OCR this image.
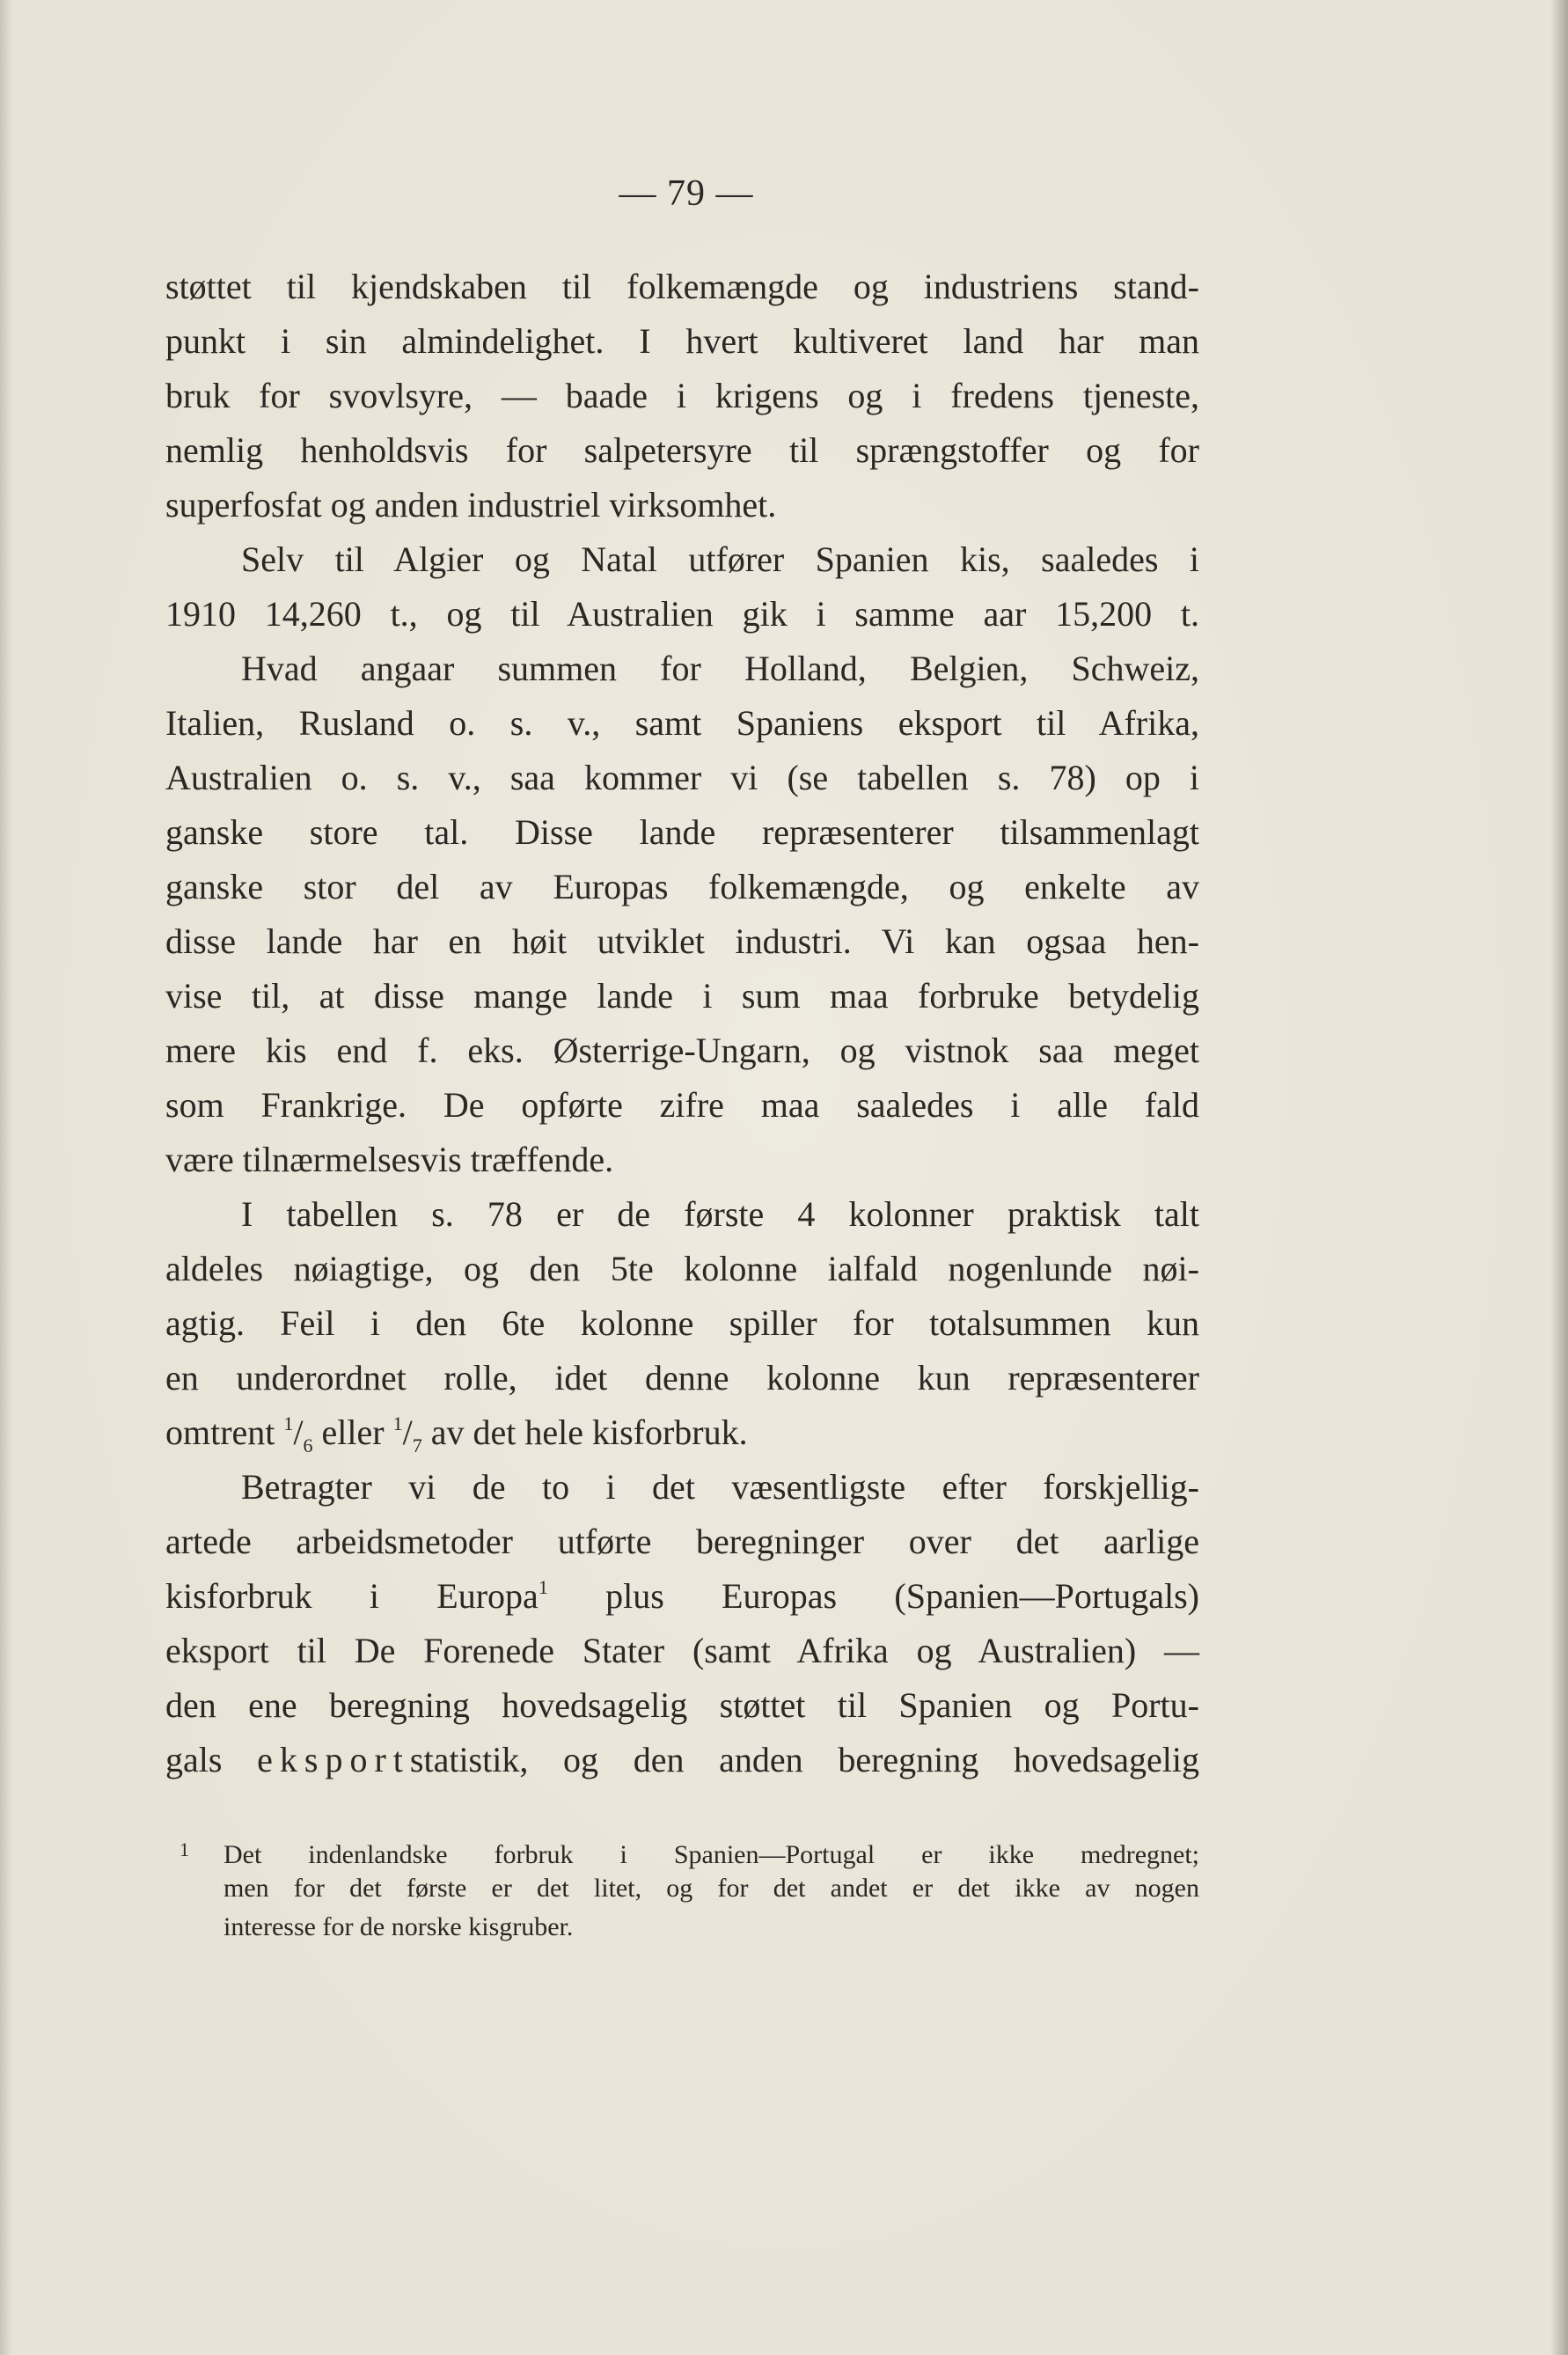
— 79 —
støttet til kjendskaben til folkemængde og industriens stand-
punkt i sin almindelighet. I hvert kultiveret land har man
bruk for svovlsyre, — baade i krigens og i fredens tjeneste,
nemlig henholdsvis for salpetersyre til sprængstoffer og for
superfosfat og anden industriel virksomhet.
Selv til Algier og Natal utfører Spanien kis, saaledes i
1910 14,260 t., og til Australien gik i samme aar 15,200 t.
Hvad angaar summen for Holland, Belgien, Schweiz,
Italien, Rusland o. s. v., samt Spaniens eksport til Afrika,
Australien o. s. v., saa kommer vi (se tabellen s. 78) op i
ganske store tal. Disse lande repræsenterer tilsammenlagt
ganske stor del av Europas folkemængde, og enkelte av
disse lande har en høit utviklet industri. Vi kan ogsaa hen-
vise til, at disse mange lande i sum maa forbruke betydelig
mere kis end f. eks. Østerrige-Ungarn, og vistnok saa meget
som Frankrige. De opførte zifre maa saaledes i alle fald
være tilnærmelsesvis træffende.
I tabellen s. 78 er de første 4 kolonner praktisk talt
aldeles nøiagtige, og den 5te kolonne ialfald nogenlunde nøi-
agtig. Feil i den 6te kolonne spiller for totalsummen kun
en underordnet rolle, idet denne kolonne kun repræsenterer
omtrent $^1/_6$ eller $^1/_7$ av det hele kisforbruk.
Betragter vi de to i det væsentligste efter forskjellig-
artede arbeidsmetoder utførte beregninger over det aarlige
kisforbruk i Europa$^1$ plus Europas (Spanien—Portugals)
eksport til De Forenede Stater (samt Afrika og Australien) —
den ene beregning hovedsagelig støttet til Spanien og Portu-
gals eksportstatistik, og den anden beregning hovedsagelig
1 Det indenlandske forbruk i Spanien—Portugal er ikke medregnet;
men for det første er det litet, og for det andet er det ikke av nogen
interesse for de norske kisgruber.
